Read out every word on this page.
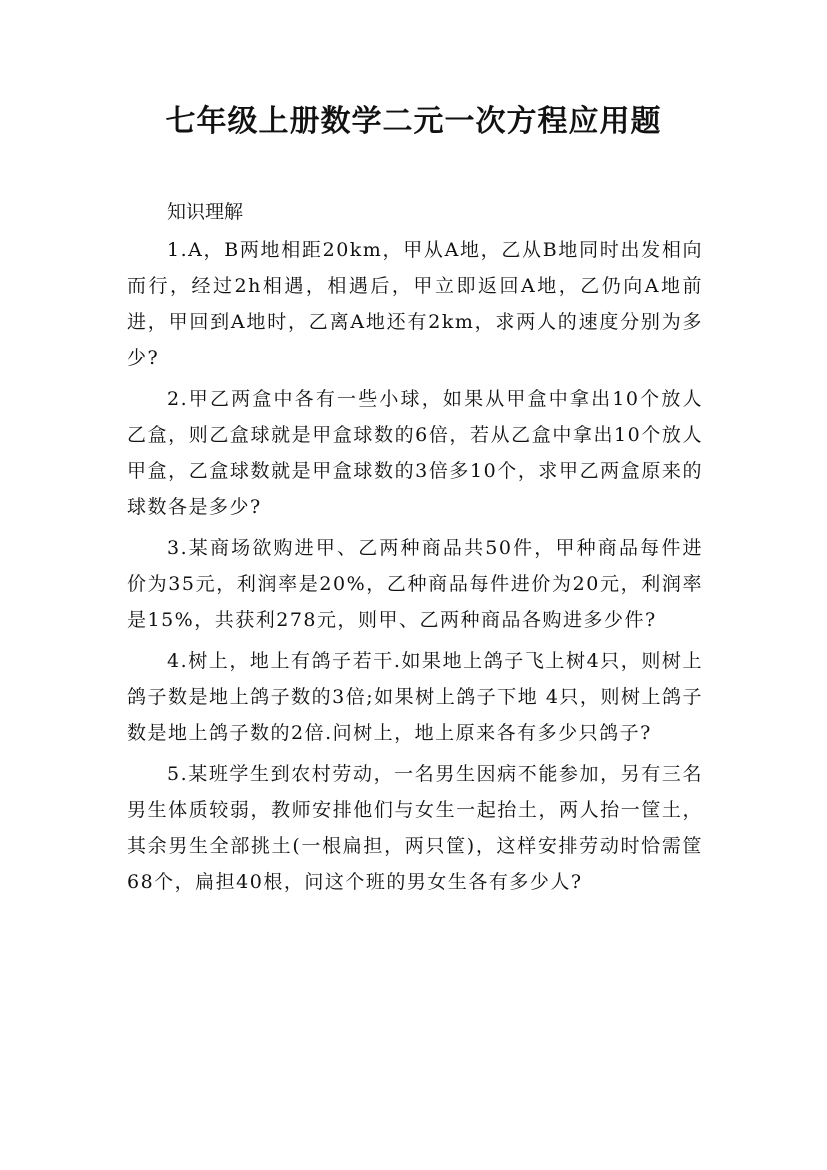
七年级上册数学二元一次方程应用题

知识理解

1.A，B两地相距20km，甲从A地，乙从B地同时出发相向而行，经过2h相遇，相遇后，甲立即返回A地，乙仍向A地前进，甲回到A地时，乙离A地还有2km，求两人的速度分别为多少?

2.甲乙两盒中各有一些小球，如果从甲盒中拿出10个放人乙盒，则乙盒球就是甲盒球数的6倍，若从乙盒中拿出10个放人甲盒，乙盒球数就是甲盒球数的3倍多10个，求甲乙两盒原来的球数各是多少?

3.某商场欲购进甲、乙两种商品共50件，甲种商品每件进价为35元，利润率是20%，乙种商品每件进价为20元，利润率是15%，共获利278元，则甲、乙两种商品各购进多少件?

4.树上，地上有鸽子若干.如果地上鸽子飞上树4只，则树上鸽子数是地上鸽子数的3倍;如果树上鸽子下地 4只，则树上鸽子数是地上鸽子数的2倍.问树上，地上原来各有多少只鸽子?

5.某班学生到农村劳动，一名男生因病不能参加，另有三名男生体质较弱，教师安排他们与女生一起抬土，两人抬一筐土，其余男生全部挑土(一根扁担，两只筐)，这样安排劳动时恰需筐68个，扁担40根，问这个班的男女生各有多少人?
